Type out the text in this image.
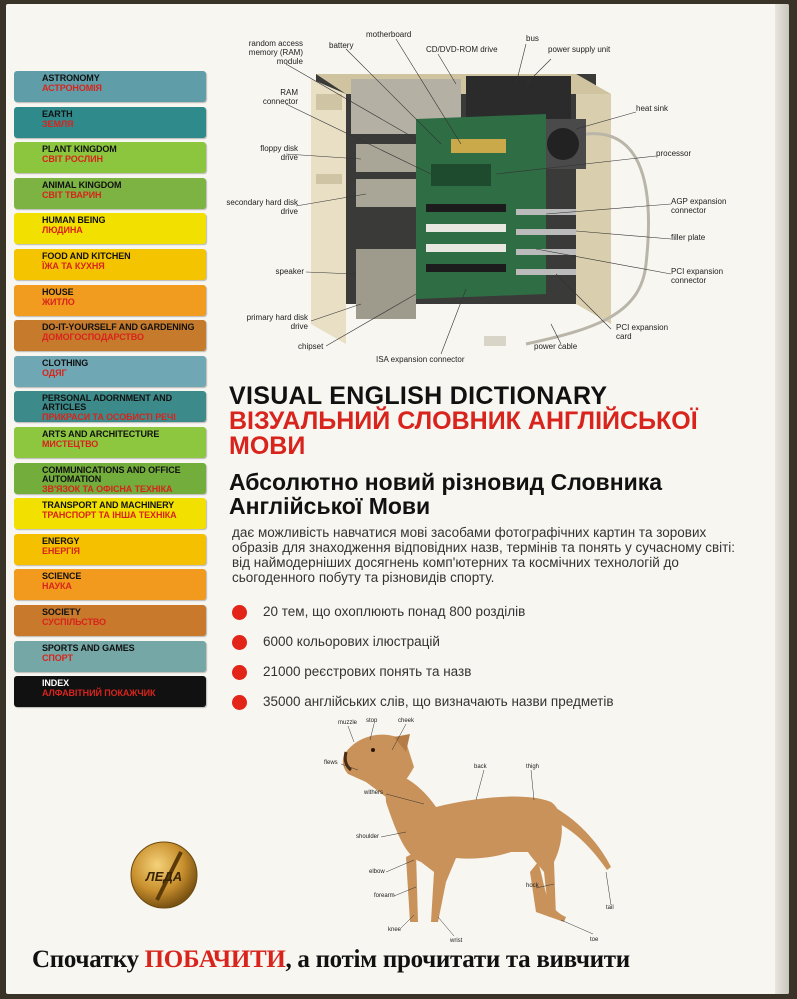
ASTRONOMY
АСТРОНОМІЯ
EARTH
ЗЕМЛЯ
PLANT KINGDOM
СВІТ РОСЛИН
ANIMAL KINGDOM
СВІТ ТВАРИН
HUMAN BEING
ЛЮДИНА
FOOD AND KITCHEN
ЇЖА ТА КУХНЯ
HOUSE
ЖИТЛО
DO-IT-YOURSELF AND GARDENING
ДОМОГОСПОДАРСТВО
CLOTHING
ОДЯГ
PERSONAL ADORNMENT AND ARTICLES
ПРИКРАСИ ТА ОСОБИСТІ РЕЧІ
ARTS AND ARCHITECTURE
МИСТЕЦТВО
COMMUNICATIONS AND OFFICE AUTOMATION
ЗВ'ЯЗОК ТА ОФІСНА ТЕХНІКА
TRANSPORT AND MACHINERY
ТРАНСПОРТ ТА ІНША ТЕХНІКА
ENERGY
ЕНЕРГІЯ
SCIENCE
НАУКА
SOCIETY
СУСПІЛЬСТВО
SPORTS AND GAMES
СПОРТ
INDEX
АЛФАВІТНИЙ ПОКАЖЧИК
random access memory (RAM) module
battery
motherboard
CD/DVD-ROM drive
bus
power supply unit
RAM connector
heat sink
floppy disk drive	processor
secondary hard disk drive
AGP expansion connector
filler plate
speaker	PCI expansion connector
primary hard disk drive	PCI expansion card
chipset
ISA expansion connector
power cable
VISUAL ENGLISH DICTIONARY
ВІЗУАЛЬНИЙ СЛОВНИК АНГЛІЙСЬКОЇ МОВИ
Абсолютно новий різновид Словника Англійської Мови

дає можливість навчатися мові засобами фотографічних картин та зорових образів для знаходження відповідних назв, термінів та понять у сучасному світі: від наймодерніших досягнень комп'ютерних та космічних технологій до сьогоденного побуту та різновидів спорту.

20 тем, що охоплюють понад 800 розділів
6000 кольорових ілюстрацій
21000 реєстрових понять та назв
35000 англійських слів, що визначають назви предметів
muzzle stop	cheek
flews
back	thigh
withers
shoulder
elbow
hock
forearm
tail
knee
wrist	toe
ЛЕДА
Спочатку ПОБАЧИТИ, а потім прочитати та вивчити
